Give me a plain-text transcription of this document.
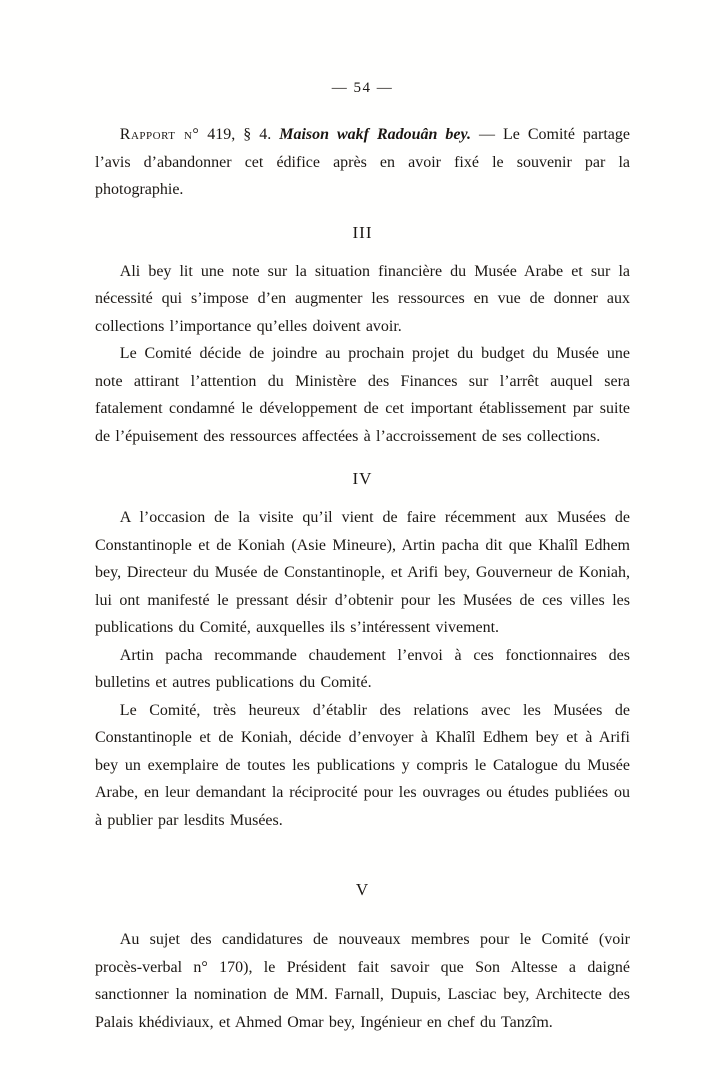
— 54 —

Rapport n° 419, § 4. Maison wakf Radouân bey. — Le Comité partage l’avis d’abandonner cet édifice après en avoir fixé le souvenir par la photographie.

III

Ali bey lit une note sur la situation financière du Musée Arabe et sur la nécessité qui s’impose d’en augmenter les ressources en vue de donner aux collections l’importance qu’elles doivent avoir.

Le Comité décide de joindre au prochain projet du budget du Musée une note attirant l’attention du Ministère des Finances sur l’arrêt auquel sera fatalement condamné le développement de cet important établissement par suite de l’épuisement des ressources affectées à l’accroissement de ses collections.

IV

A l’occasion de la visite qu’il vient de faire récemment aux Musées de Constantinople et de Koniah (Asie Mineure), Artin pacha dit que Khalîl Edhem bey, Directeur du Musée de Constantinople, et Arifi bey, Gouverneur de Koniah, lui ont manifesté le pressant désir d’obtenir pour les Musées de ces villes les publications du Comité, auxquelles ils s’intéressent vivement.

Artin pacha recommande chaudement l’envoi à ces fonctionnaires des bulletins et autres publications du Comité.

Le Comité, très heureux d’établir des relations avec les Musées de Constantinople et de Koniah, décide d’envoyer à Khalîl Edhem bey et à Arifi bey un exemplaire de toutes les publications y compris le Catalogue du Musée Arabe, en leur demandant la réciprocité pour les ouvrages ou études publiées ou à publier par lesdits Musées.

V

Au sujet des candidatures de nouveaux membres pour le Comité (voir procès-verbal n° 170), le Président fait savoir que Son Altesse a daigné sanctionner la nomination de MM. Farnall, Dupuis, Lasciac bey, Architecte des Palais khédiviaux, et Ahmed Omar bey, Ingénieur en chef du Tanzîm.
